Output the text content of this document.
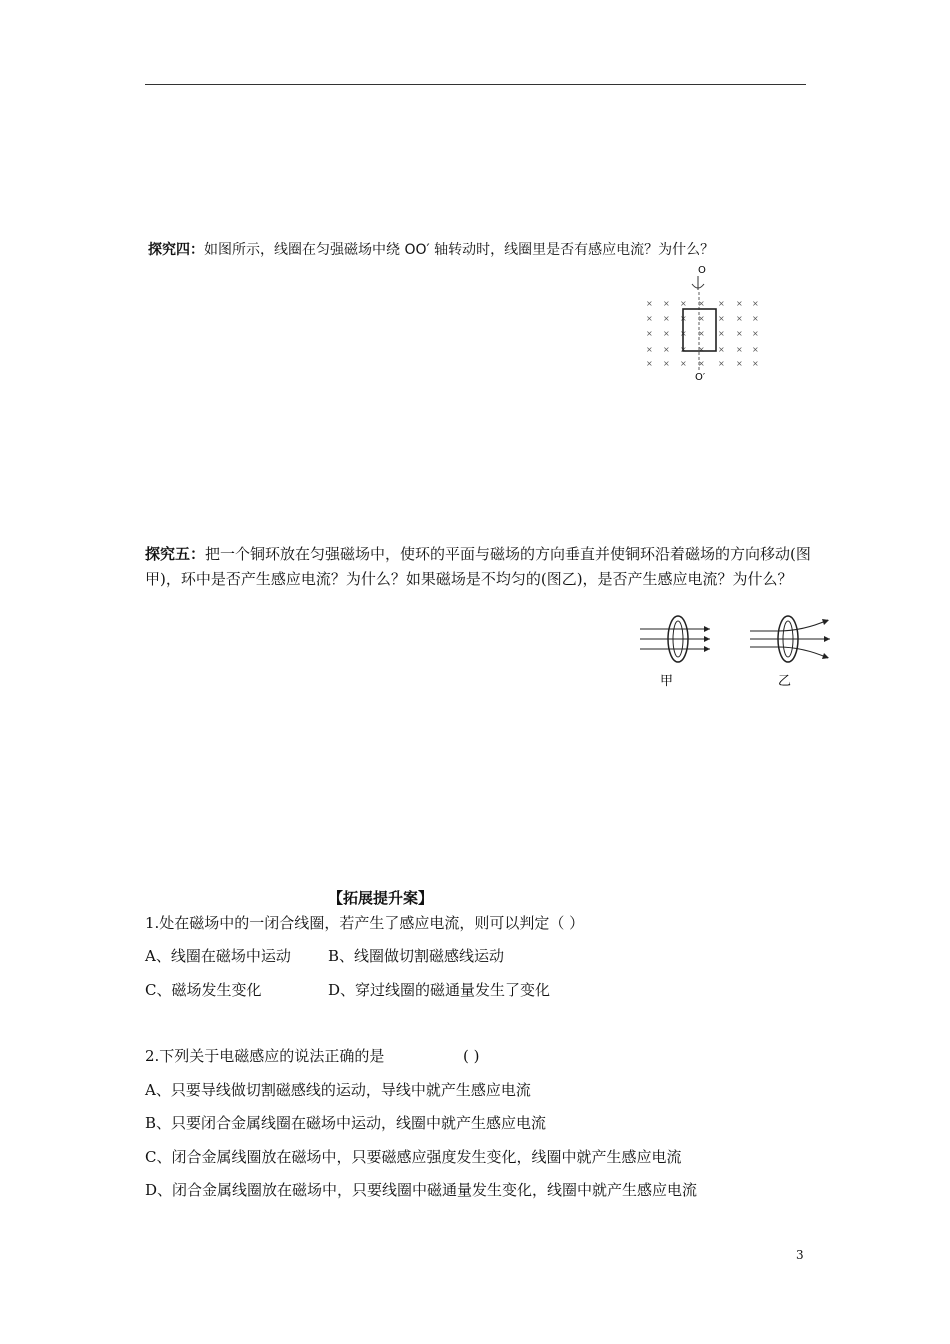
探究四：如图所示，线圈在匀强磁场中绕 OO′ 轴转动时，线圈里是否有感应电流？为什么？
O
× × × × × × ×
× × × × × × ×
× × × × × × ×
× × × × × × ×
× × × × × × ×
O′
探究五：把一个铜环放在匀强磁场中，使环的平面与磁场的方向垂直并使铜环沿着磁场的方向移动(图甲)，环中是否产生感应电流？为什么？如果磁场是不均匀的(图乙)，是否产生感应电流？为什么？
甲	乙
【拓展提升案】
1.处在磁场中的一闭合线圈，若产生了感应电流，则可以判定（ ）
A、线圈在磁场中运动 B、线圈做切割磁感线运动
C、磁场发生变化	D、穿过线圈的磁通量发生了变化
2.下列关于电磁感应的说法正确的是	( )
A、只要导线做切割磁感线的运动，导线中就产生感应电流
B、只要闭合金属线圈在磁场中运动，线圈中就产生感应电流
C、闭合金属线圈放在磁场中，只要磁感应强度发生变化，线圈中就产生感应电流
D、闭合金属线圈放在磁场中，只要线圈中磁通量发生变化，线圈中就产生感应电流
3
